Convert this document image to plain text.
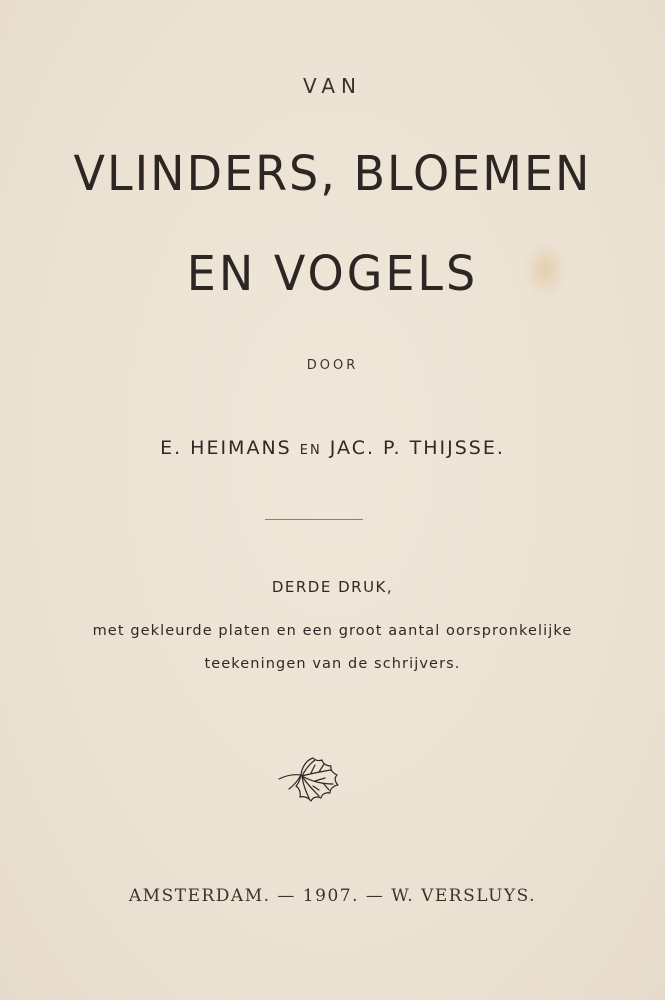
VAN
VLINDERS, BLOEMEN
EN VOGELS
DOOR
E. HEIMANS EN JAC. P. THIJSSE.
DERDE DRUK,
met gekleurde platen en een groot aantal oorspronkelijke
teekeningen van de schrijvers.
AMSTERDAM. — 1907. — W. VERSLUYS.
